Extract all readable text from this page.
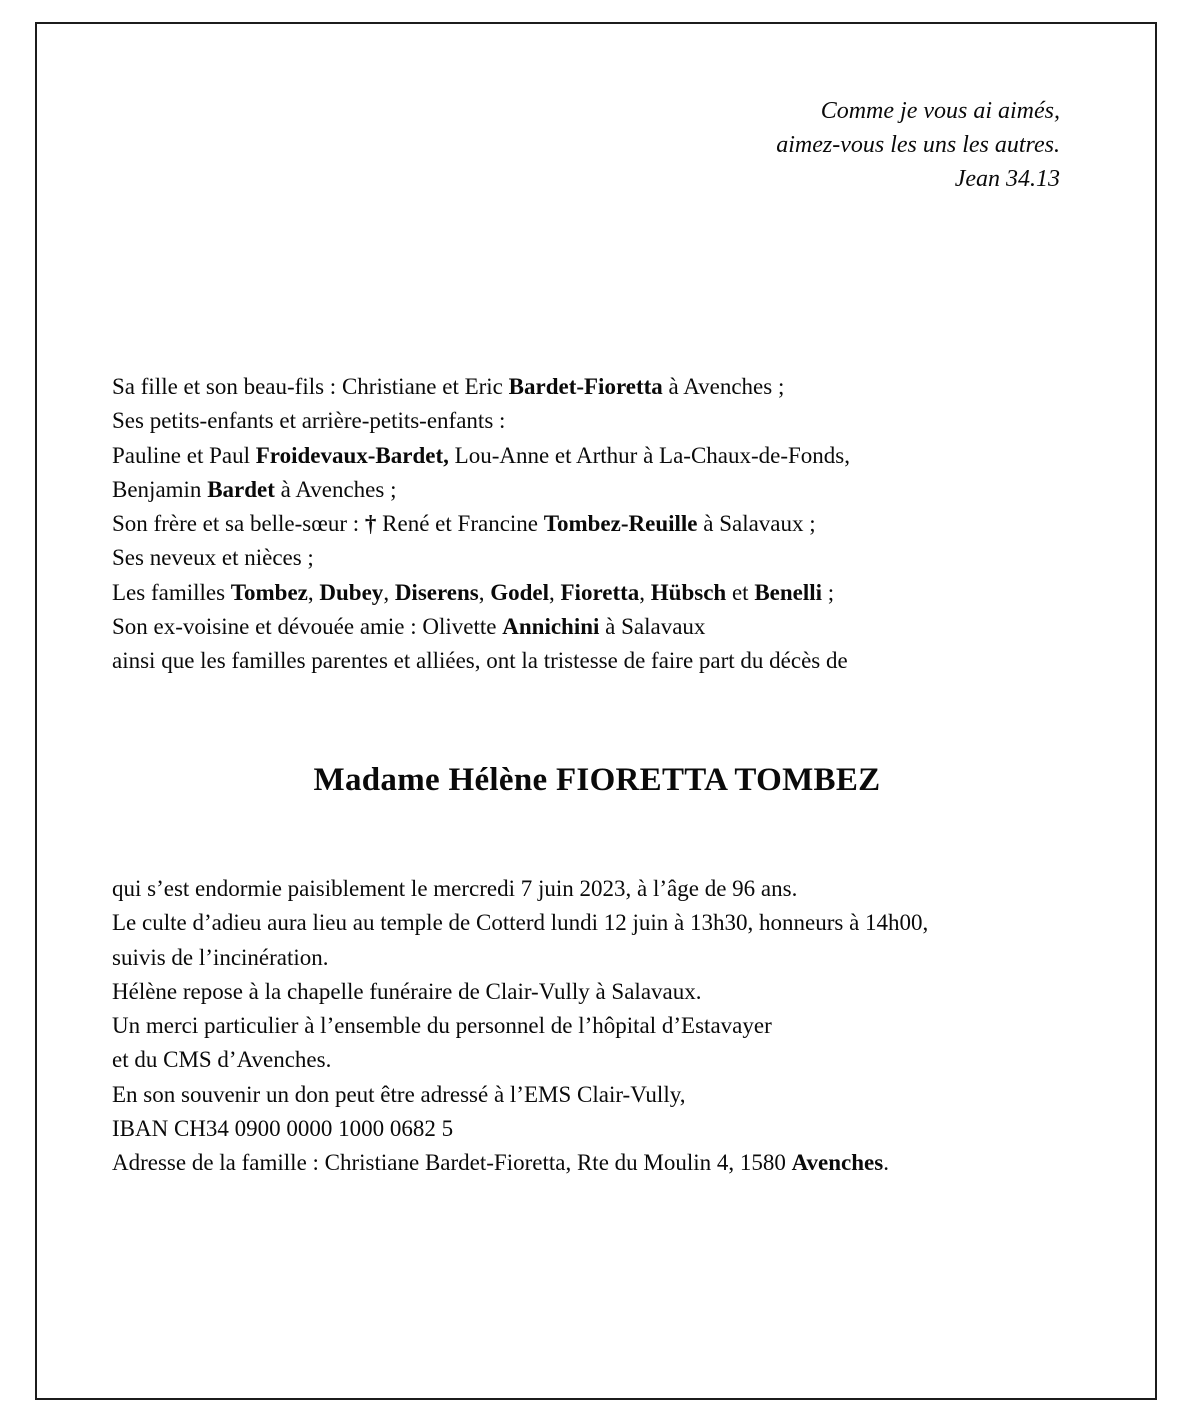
Comme je vous ai aimés,
aimez-vous les uns les autres.
Jean 34.13
Sa fille et son beau-fils : Christiane et Eric Bardet-Fioretta à Avenches ;
Ses petits-enfants et arrière-petits-enfants :
Pauline et Paul Froidevaux-Bardet, Lou-Anne et Arthur à La-Chaux-de-Fonds,
Benjamin Bardet à Avenches ;
Son frère et sa belle-sœur : † René et Francine Tombez-Reuille à Salavaux ;
Ses neveux et nièces ;
Les familles Tombez, Dubey, Diserens, Godel, Fioretta, Hübsch et Benelli ;
Son ex-voisine et dévouée amie : Olivette Annichini à Salavaux
ainsi que les familles parentes et alliées, ont la tristesse de faire part du décès de
Madame Hélène FIORETTA TOMBEZ
qui s’est endormie paisiblement le mercredi 7 juin 2023, à l’âge de 96 ans.
Le culte d’adieu aura lieu au temple de Cotterd lundi 12 juin à 13h30, honneurs à 14h00,
suivis de l’incinération.
Hélène repose à la chapelle funéraire de Clair-Vully à Salavaux.
Un merci particulier à l’ensemble du personnel de l’hôpital d’Estavayer
et du CMS d’Avenches.
En son souvenir un don peut être adressé à l’EMS Clair-Vully,
IBAN CH34 0900 0000 1000 0682 5
Adresse de la famille : Christiane Bardet-Fioretta, Rte du Moulin 4, 1580 Avenches.
